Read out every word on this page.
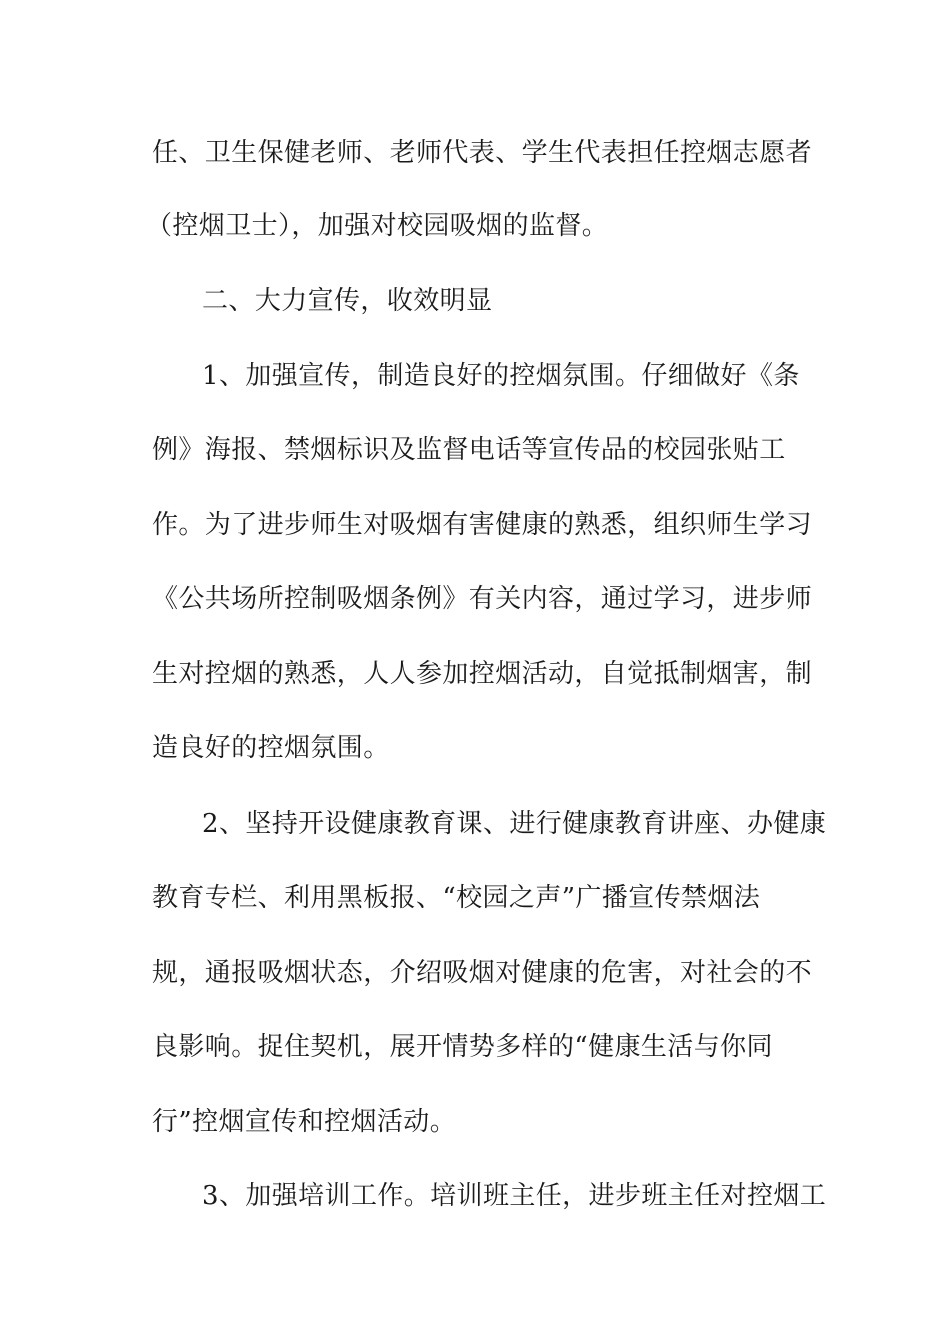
任、卫生保健老师、老师代表、学生代表担任控烟志愿者
（控烟卫士），加强对校园吸烟的监督。
二、大力宣传，收效明显
1、加强宣传，制造良好的控烟氛围。仔细做好《条
例》海报、禁烟标识及监督电话等宣传品的校园张贴工
作。为了进步师生对吸烟有害健康的熟悉，组织师生学习
《公共场所控制吸烟条例》有关内容，通过学习，进步师
生对控烟的熟悉，人人参加控烟活动，自觉抵制烟害，制
造良好的控烟氛围。
2、坚持开设健康教育课、进行健康教育讲座、办健康
教育专栏、利用黑板报、“校园之声”广播宣传禁烟法
规，通报吸烟状态，介绍吸烟对健康的危害，对社会的不
良影响。捉住契机，展开情势多样的“健康生活与你同
行”控烟宣传和控烟活动。
3、加强培训工作。培训班主任，进步班主任对控烟工
